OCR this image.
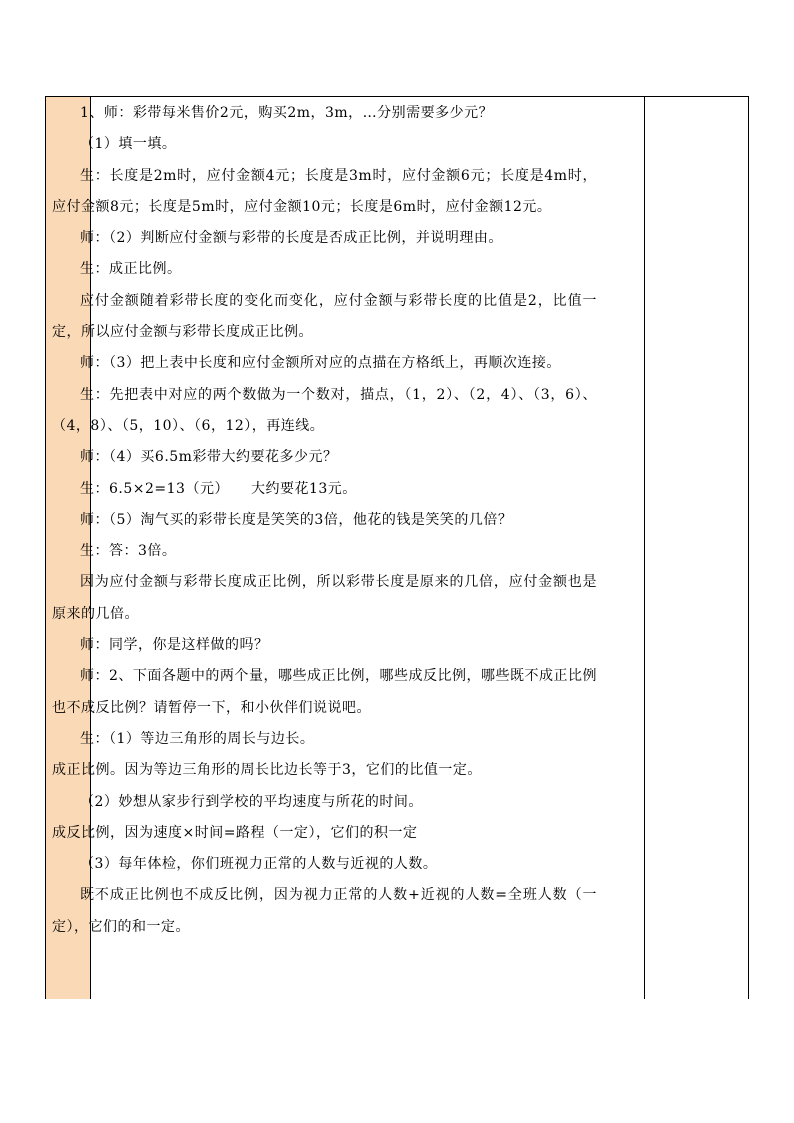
1、师：彩带每米售价2元，购买2m，3m，…分别需要多少元？

（1）填一填。

生：长度是2m时，应付金额4元；长度是3m时，应付金额6元；长度是4m时，应付金额8元；长度是5m时，应付金额10元；长度是6m时，应付金额12元。

师：（2）判断应付金额与彩带的长度是否成正比例，并说明理由。

生：成正比例。

应付金额随着彩带长度的变化而变化，应付金额与彩带长度的比值是2，比值一定，所以应付金额与彩带长度成正比例。

师：（3）把上表中长度和应付金额所对应的点描在方格纸上，再顺次连接。

生：先把表中对应的两个数做为一个数对，描点，（1，2）、（2，4）、（3，6）、（4，8）、（5，10）、（6，12），再连线。

师：（4）买6.5m彩带大约要花多少元？

生：6.5×2=13（元）　　大约要花13元。

师：（5）淘气买的彩带长度是笑笑的3倍，他花的钱是笑笑的几倍？

生：答：3倍。

因为应付金额与彩带长度成正比例，所以彩带长度是原来的几倍，应付金额也是原来的几倍。

师：同学，你是这样做的吗？

师：2、下面各题中的两个量，哪些成正比例，哪些成反比例，哪些既不成正比例也不成反比例？请暂停一下，和小伙伴们说说吧。

生：（1）等边三角形的周长与边长。

成正比例。因为等边三角形的周长比边长等于3，它们的比值一定。

（2）妙想从家步行到学校的平均速度与所花的时间。

成反比例，因为速度×时间=路程（一定），它们的积一定

（3）每年体检，你们班视力正常的人数与近视的人数。

既不成正比例也不成反比例，因为视力正常的人数+近视的人数=全班人数（一定），它们的和一定。
